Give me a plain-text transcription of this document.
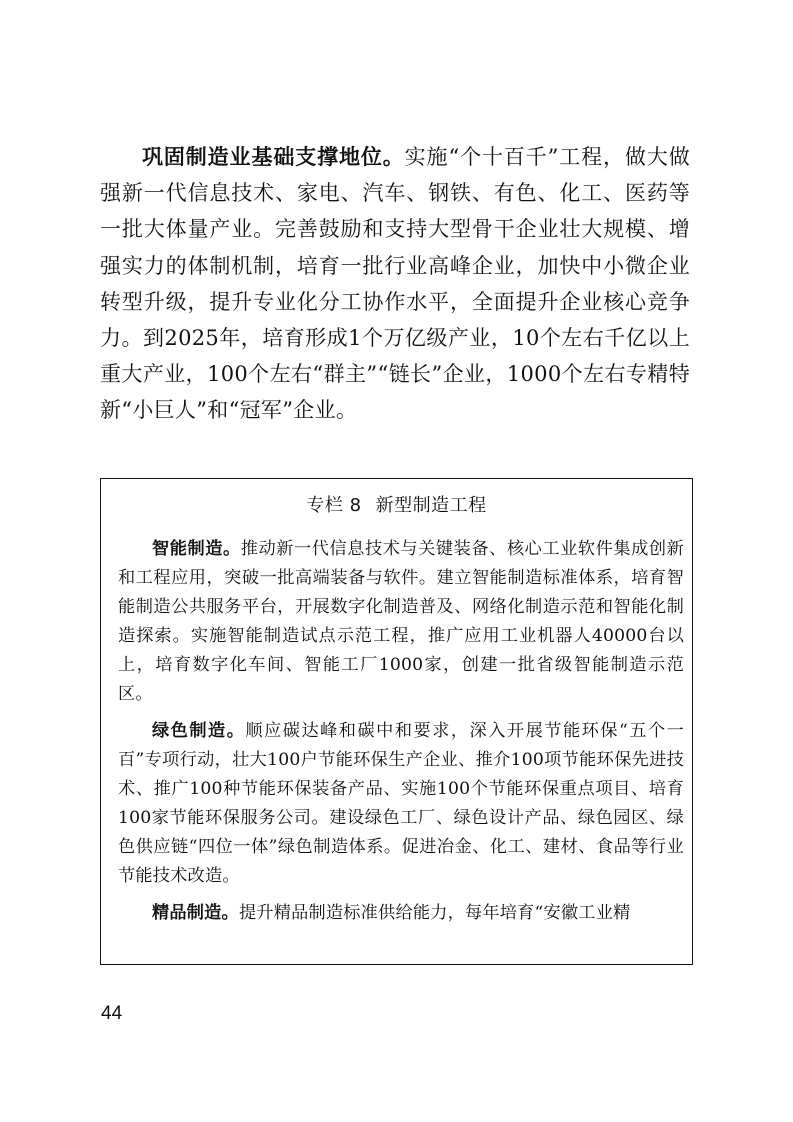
巩固制造业基础支撑地位。实施“个十百千”工程，做大做强新一代信息技术、家电、汽车、钢铁、有色、化工、医药等一批大体量产业。完善鼓励和支持大型骨干企业壮大规模、增强实力的体制机制，培育一批行业高峰企业，加快中小微企业转型升级，提升专业化分工协作水平，全面提升企业核心竞争力。到2025年，培育形成1个万亿级产业，10个左右千亿以上重大产业，100个左右“群主”“链长”企业，1000个左右专精特新“小巨人”和“冠军”企业。

专栏 8 新型制造工程

智能制造。推动新一代信息技术与关键装备、核心工业软件集成创新和工程应用，突破一批高端装备与软件。建立智能制造标准体系，培育智能制造公共服务平台，开展数字化制造普及、网络化制造示范和智能化制造探索。实施智能制造试点示范工程，推广应用工业机器人40000台以上，培育数字化车间、智能工厂1000家，创建一批省级智能制造示范区。

绿色制造。顺应碳达峰和碳中和要求，深入开展节能环保“五个一百”专项行动，壮大100户节能环保生产企业、推介100项节能环保先进技术、推广100种节能环保装备产品、实施100个节能环保重点项目、培育100家节能环保服务公司。建设绿色工厂、绿色设计产品、绿色园区、绿色供应链“四位一体”绿色制造体系。促进冶金、化工、建材、食品等行业节能技术改造。

精品制造。提升精品制造标准供给能力，每年培育“安徽工业精

44
